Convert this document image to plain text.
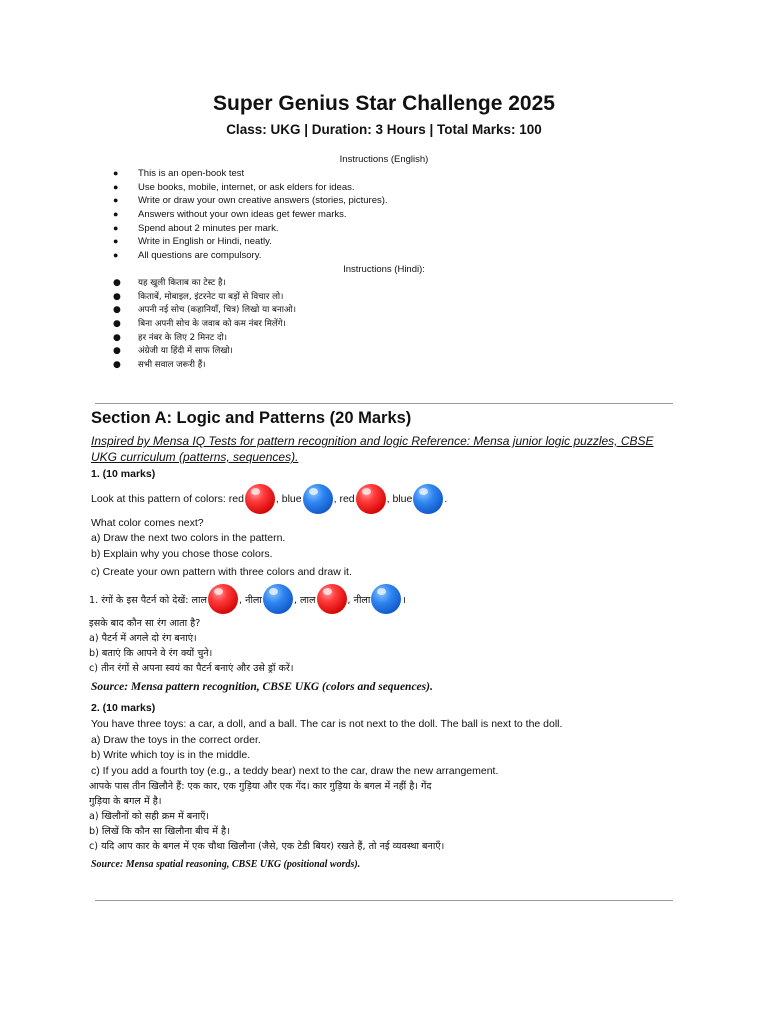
Super Genius Star Challenge 2025
Class: UKG | Duration: 3 Hours | Total Marks: 100
Instructions (English)
● This is an open-book test
● Use books, mobile, internet, or ask elders for ideas.
● Write or draw your own creative answers (stories, pictures).
● Answers without your own ideas get fewer marks.
● Spend about 2 minutes per mark.
● Write in English or Hindi, neatly.
● All questions are compulsory.
Instructions (Hindi):
● यह खुली किताब का टेस्ट है।
● किताबें, मोबाइल, इंटरनेट या बड़ों से विचार लो।
● अपनी नई सोच (कहानियाँ, चित्र) लिखो या बनाओ।
● बिना अपनी सोच के जवाब को कम नंबर मिलेंगे।
● हर नंबर के लिए 2 मिनट दो।
● अंग्रेजी या हिंदी में साफ लिखो।
● सभी सवाल जरूरी हैं।
Section A: Logic and Patterns (20 Marks)
Inspired by Mensa IQ Tests for pattern recognition and logic Reference: Mensa junior logic puzzles, CBSE UKG curriculum (patterns, sequences).
1. (10 marks)
Look at this pattern of colors: red	, blue	, red	, blue	.
What color comes next?
a) Draw the next two colors in the pattern.
b) Explain why you chose those colors.
c) Create your own pattern with three colors and draw it.
1. रंगों के इस पैटर्न को देखें: लाल	, नीला	, लाल	, नीला	।
इसके बाद कौन सा रंग आता है?
a) पैटर्न में अगले दो रंग बनाएं।
b) बताएं कि आपने वे रंग क्यों चुने।
c) तीन रंगों से अपना स्वयं का पैटर्न बनाएं और उसे ड्रॉ करें।
Source: Mensa pattern recognition, CBSE UKG (colors and sequences).
2. (10 marks)
You have three toys: a car, a doll, and a ball. The car is not next to the doll. The ball is next to the doll.
a) Draw the toys in the correct order.
b) Write which toy is in the middle.
c) If you add a fourth toy (e.g., a teddy bear) next to the car, draw the new arrangement.
आपके पास तीन खिलौने हैं: एक कार, एक गुड़िया और एक गेंद। कार गुड़िया के बगल में नहीं है। गेंद
गुड़िया के बगल में है।
a) खिलौनों को सही क्रम में बनाएँ।
b) लिखें कि कौन सा खिलौना बीच में है।
c) यदि आप कार के बगल में एक चौथा खिलौना (जैसे, एक टेडी बियर) रखते हैं, तो नई व्यवस्था बनाएँ।
Source: Mensa spatial reasoning, CBSE UKG (positional words).
